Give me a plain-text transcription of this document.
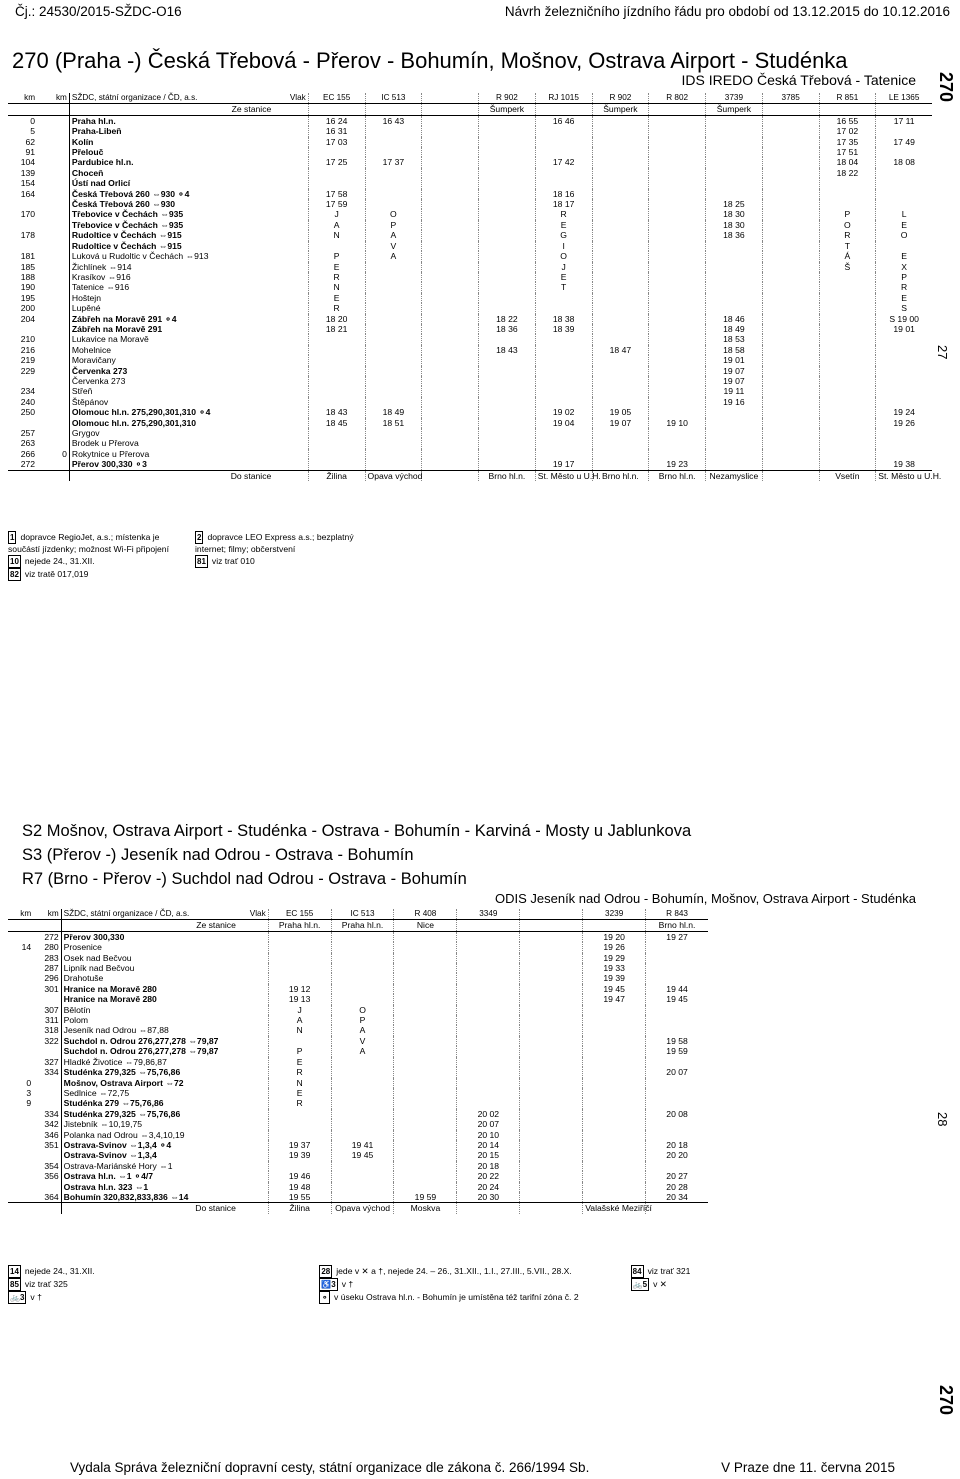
Čj.: 24530/2015-SŽDC-O16	Návrh železničního jízdního řádu pro období od 13.12.2015 do 10.12.2016
270 (Praha -) Česká Třebová - Přerov - Bohumín, Mošnov, Ostrava Airport - Studénka
IDS IREDO Česká Třebová - Tatenice 270
27
28
270
km	km	SŽDC, státní organizace / ČD, a.s.	Vlak	EC 155	IC 513		R 902	RJ 1015	R 902	R 802	3739	3785	R 851	LE 1365
		Ze stanice					Šumperk		Šumperk		Šumperk			
0		Praha hl.n.		16 24	16 43			16 46					16 55	17 11
5		Praha-Libeň		16 31									17 02	
62		Kolín		17 03									17 35	17 49
91		Přelouč											17 51	
104		Pardubice hl.n.		17 25	17 37			17 42					18 04	18 08
139		Choceň											18 22	
154		Ústí nad Orlicí												
164		Česká Třebová 260 ⇔930 ⚬4		17 58				18 16						
		Česká Třebová 260 ⇔930		17 59				18 17			18 25			
170		Třebovice v Čechách ⇔935		J	O			R			18 30		P	L
		Třebovice v Čechách ⇔935		A	P			E			18 30		O	E
178		Rudoltice v Čechách ⇔915		N	A			G			18 36		R	O
		Rudoltice v Čechách ⇔915			V			I					T	
181		Luková u Rudoltic v Čechách ⇔913		P	A			O					Á	E
185		Žichlínek ⇔914		E				J					Š	X
188		Krasíkov ⇔916		R				E						P
190		Tatenice ⇔916		N				T						R
195		Hoštejn		E										E
200		Lupěné		R										S
204		Zábřeh na Moravě 291 ⚬4		18 20			18 22	18 38			18 46			S 19 00
		Zábřeh na Moravě 291		18 21			18 36	18 39			18 49			19 01
210		Lukavice na Moravě									18 53			
216		Mohelnice					18 43		18 47		18 58			
219		Moravičany									19 01			
229		Červenka 273									19 07			
		Červenka 273									19 07			
234		Střeň									19 11			
240		Štěpánov									19 16			
250		Olomouc hl.n. 275,290,301,310 ⚬4		18 43	18 49			19 02	19 05					19 24
		Olomouc hl.n. 275,290,301,310		18 45	18 51			19 04	19 07	19 10				19 26
257		Grygov												
263		Brodek u Přerova												
266	0	Rokytnice u Přerova												
272		Přerov 300,330 ⚬3						19 17		19 23				19 38
		Do stanice		Žilina	Opava východ		Brno hl.n.	St. Město u U.H.	Brno hl.n.	Brno hl.n.	Nezamyslice		Vsetín	St. Město u U.H.
1 dopravce RegioJet, a.s.; místenka je součástí jízdenky; možnost Wi-Fi připojení
2 dopravce LEO Express a.s.; bezplatný internet; filmy; občerstvení
10 nejede 24., 31.XII.	81 viz trať 010
82 viz tratě 017,019
S2 Mošnov, Ostrava Airport - Studénka - Ostrava - Bohumín - Karviná - Mosty u Jablunkova
S3 (Přerov -) Jeseník nad Odrou - Ostrava - Bohumín
R7 (Brno - Přerov -) Suchdol nad Odrou - Ostrava - Bohumín
ODIS Jeseník nad Odrou - Bohumín, Mošnov, Ostrava Airport - Studénka
km	km	SŽDC, státní organizace / ČD, a.s.	Vlak	EC 155	IC 513	R 408	3349		3239	R 843
		Ze stanice		Praha hl.n.	Praha hl.n.	Nice				Brno hl.n.
	272	Přerov 300,330							19 20	19 27
14	280	Prosenice							19 26	
	283	Osek nad Bečvou							19 29	
	287	Lipník nad Bečvou							19 33	
	296	Drahotuše							19 39	
	301	Hranice na Moravě 280		19 12					19 45	19 44
		Hranice na Moravě 280		19 13					19 47	19 45
	307	Bělotín		J	O					
	311	Polom		A	P					
	318	Jeseník nad Odrou ⇔87,88		N	A					
	322	Suchdol n. Odrou 276,277,278 ⇔79,87			V					19 58
		Suchdol n. Odrou 276,277,278 ⇔79,87		P	A					19 59
	327	Hladké Životice ⇔79,86,87		E						
	334	Studénka 279,325 ⇔75,76,86		R						20 07
0		Mošnov, Ostrava Airport ⇔72		N						
3		Sedlnice ⇔72,75		E						
9		Studénka 279 ⇔75,76,86		R						
	334	Studénka 279,325 ⇔75,76,86					20 02			20 08
	342	Jistebník ⇔10,19,75					20 07			
	346	Polanka nad Odrou ⇔3,4,10,19					20 10			
	351	Ostrava-Svinov ⇔1,3,4 ⚬4		19 37	19 41		20 14			20 18
		Ostrava-Svinov ⇔1,3,4		19 39	19 45		20 15			20 20
	354	Ostrava-Mariánské Hory ⇔1					20 18			
	356	Ostrava hl.n. ⇔1 ⚬4/7		19 46			20 22			20 27
		Ostrava hl.n. 323 ⇔1		19 48			20 24			20 28
	364	Bohumín 320,832,833,836 ⇔14		19 55		19 59	20 30			20 34
		Do stanice		Žilina	Opava východ	Moskva			Valašské Meziříčí	
14 nejede 24., 31.XII.	28 jede v ✕ a †, nejede 24. – 26., 31.XII., 1.I., 27.III., 5.VII., 28.X.	84 viz trať 321
85 viz trať 325	♿3 v †	🚲5 v ✕
🚲3 v †	⚬ v úseku Ostrava hl.n. - Bohumín je umístěna též tarifní zóna č. 2
Vydala Správa železniční dopravní cesty, státní organizace dle zákona č. 266/1994 Sb.	V Praze dne 11. června 2015
